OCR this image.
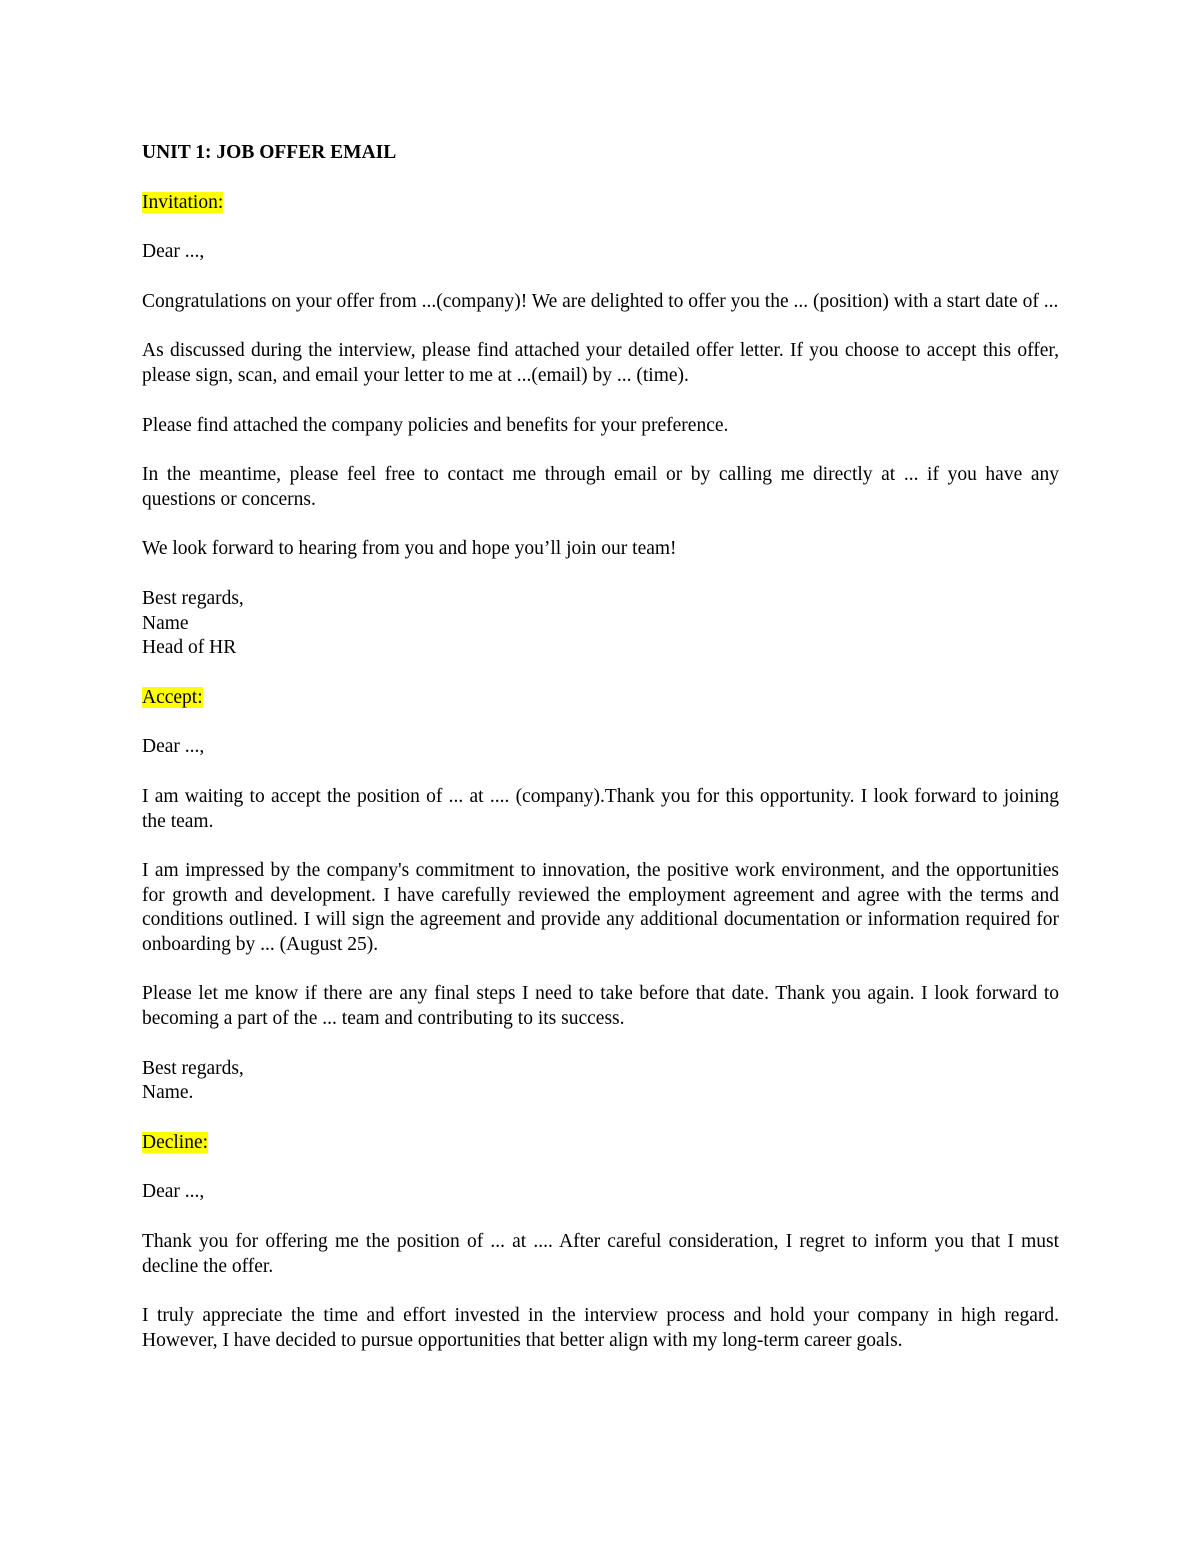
UNIT 1: JOB OFFER EMAIL
Invitation:

Dear ...,

Congratulations on your offer from ...(company)! We are delighted to offer you the ... (position) with a start date of ...

As discussed during the interview, please find attached your detailed offer letter. If you choose to accept this offer, please sign, scan, and email your letter to me at ...(email) by ... (time).

Please find attached the company policies and benefits for your preference.

In the meantime, please feel free to contact me through email or by calling me directly at ... if you have any questions or concerns.

We look forward to hearing from you and hope you’ll join our team!

Best regards,
Name
Head of HR
Accept:

Dear ...,

I am waiting to accept the position of ... at .... (company).Thank you for this opportunity. I look forward to joining the team.

I am impressed by the company's commitment to innovation, the positive work environment, and the opportunities for growth and development. I have carefully reviewed the employment agreement and agree with the terms and conditions outlined. I will sign the agreement and provide any additional documentation or information required for onboarding by ... (August 25).

Please let me know if there are any final steps I need to take before that date. Thank you again. I look forward to becoming a part of the ... team and contributing to its success.

Best regards,
Name.
Decline:

Dear ...,

Thank you for offering me the position of ... at .... After careful consideration, I regret to inform you that I must decline the offer.

I truly appreciate the time and effort invested in the interview process and hold your company in high regard. However, I have decided to pursue opportunities that better align with my long-term career goals.
